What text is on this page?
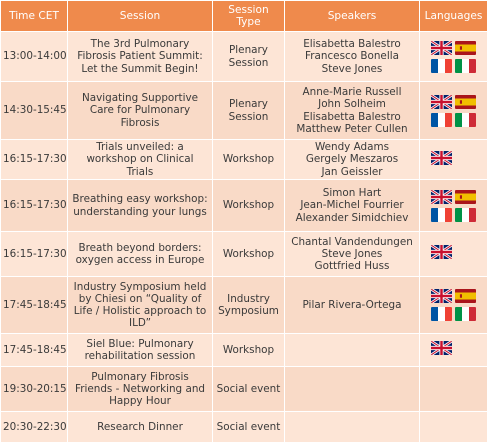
Time CET	Session	Session Type	Speakers	Languages
13:00-14:00	The 3rd Pulmonary
Fibrosis Patient Summit:
Let the Summit Begin!	Plenary
Session	Elisabetta Balestro
Francesco Bonella
Steve Jones

14:30-15:45	Navigating Supportive
Care for Pulmonary
Fibrosis	Plenary
Session	Anne-Marie Russell
John Solheim
Elisabetta Balestro
Matthew Peter Cullen

16:15-17:30	Trials unveiled: a
workshop on Clinical
Trials	Workshop	Wendy Adams
Gergely Meszaros
Jan Geissler

16:15-17:30	Breathing easy workshop:
understanding your lungs	Workshop	Simon Hart
Jean-Michel Fourrier
Alexander Simidchiev

16:15-17:30	Breath beyond borders:
oxygen access in Europe	Workshop	Chantal Vandendungen
Steve Jones
Gottfried Huss

17:45-18:45	Industry Symposium held
by Chiesi on “Quality of
Life / Holistic approach to
ILD”	Industry
Symposium	Pilar Rivera-Ortega

17:45-18:45	Siel Blue: Pulmonary
rehabilitation session	Workshop

19:30-20:15	Pulmonary Fibrosis
Friends - Networking and
Happy Hour	Social event		

20:30-22:30	Research Dinner	Social event		
